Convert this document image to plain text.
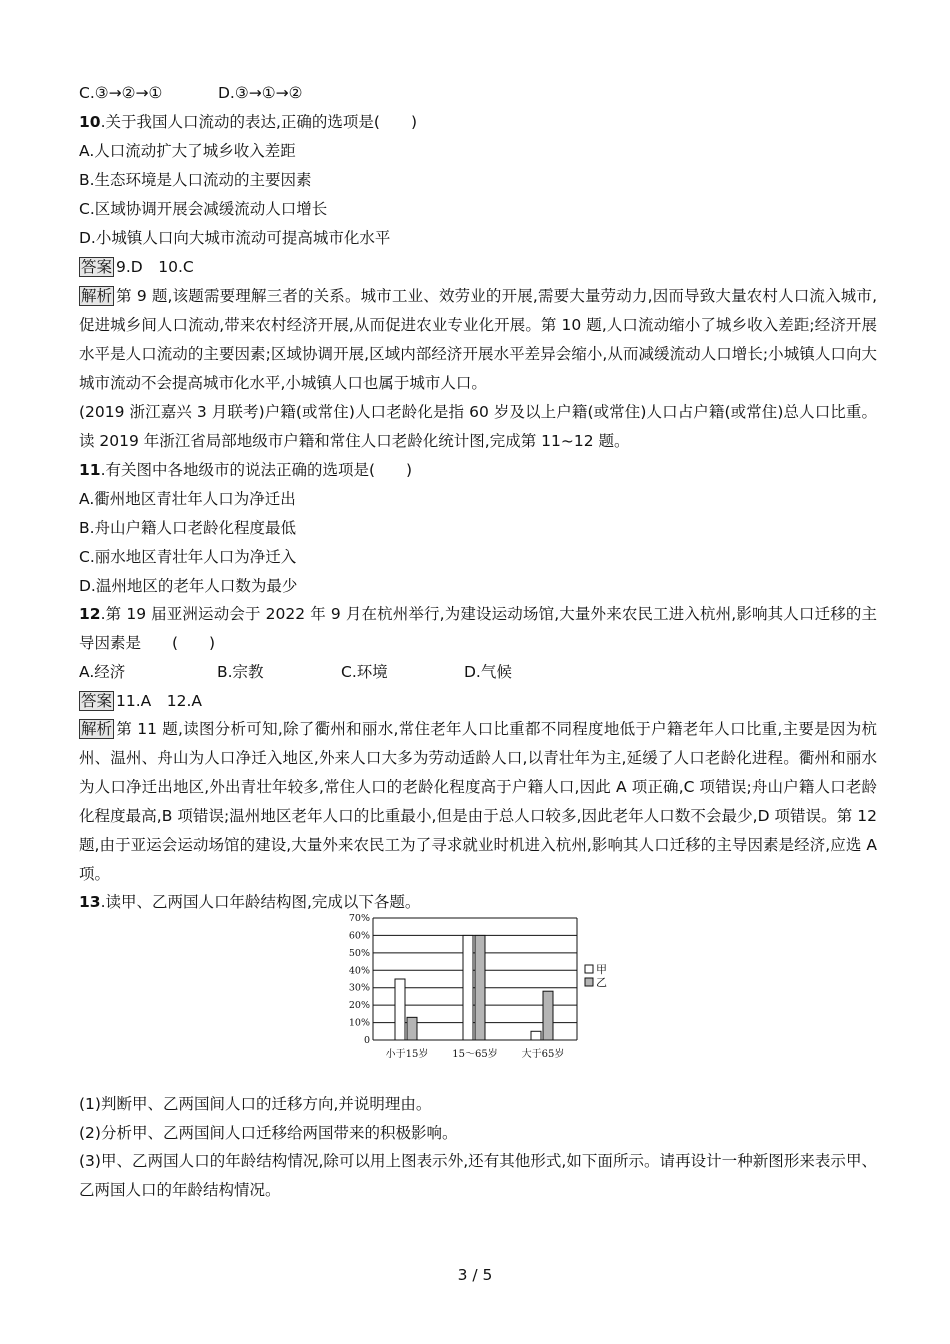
C.③→②→①	D.③→①→②
10.关于我国人口流动的表达,正确的选项是(　　)
A.人口流动扩大了城乡收入差距
B.生态环境是人口流动的主要因素
C.区域协调开展会减缓流动人口增长
D.小城镇人口向大城市流动可提高城市化水平
答案 9.D　10.C
解析 第 9 题,该题需要理解三者的关系。城市工业、效劳业的开展,需要大量劳动力,因而导致大量农村人口流入城市,促进城乡间人口流动,带来农村经济开展,从而促进农业专业化开展。第 10 题,人口流动缩小了城乡收入差距;经济开展水平是人口流动的主要因素;区域协调开展,区域内部经济开展水平差异会缩小,从而减缓流动人口增长;小城镇人口向大城市流动不会提高城市化水平,小城镇人口也属于城市人口。
(2019 浙江嘉兴 3 月联考)户籍(或常住)人口老龄化是指 60 岁及以上户籍(或常住)人口占户籍(或常住)总人口比重。读 2019 年浙江省局部地级市户籍和常住人口老龄化统计图,完成第 11~12 题。
11.有关图中各地级市的说法正确的选项是(　　)
A.衢州地区青壮年人口为净迁出
B.舟山户籍人口老龄化程度最低
C.丽水地区青壮年人口为净迁入
D.温州地区的老年人口数为最少
12.第 19 届亚洲运动会于 2022 年 9 月在杭州举行,为建设运动场馆,大量外来农民工进入杭州,影响其人口迁移的主导因素是　　(　　)
A.经济	B.宗教	C.环境	D.气候
答案 11.A　12.A
解析 第 11 题,读图分析可知,除了衢州和丽水,常住老年人口比重都不同程度地低于户籍老年人口比重,主要是因为杭州、温州、舟山为人口净迁入地区,外来人口大多为劳动适龄人口,以青壮年为主,延缓了人口老龄化进程。衢州和丽水为人口净迁出地区,外出青壮年较多,常住人口的老龄化程度高于户籍人口,因此 A 项正确,C 项错误;舟山户籍人口老龄化程度最高,B 项错误;温州地区老年人口的比重最小,但是由于总人口较多,因此老年人口数不会最少,D 项错误。第 12 题,由于亚运会运动场馆的建设,大量外来农民工为了寻求就业时机进入杭州,影响其人口迁移的主导因素是经济,应选 A 项。
13.读甲、乙两国人口年龄结构图,完成以下各题。
0
10%
20%
30%
40%
50%
60%
70%
小于15岁 15～65岁 大于65岁
甲
乙
(1)判断甲、乙两国间人口的迁移方向,并说明理由。
(2)分析甲、乙两国间人口迁移给两国带来的积极影响。
(3)甲、乙两国人口的年龄结构情况,除可以用上图表示外,还有其他形式,如下面所示。请再设计一种新图形来表示甲、乙两国人口的年龄结构情况。
3 / 5
